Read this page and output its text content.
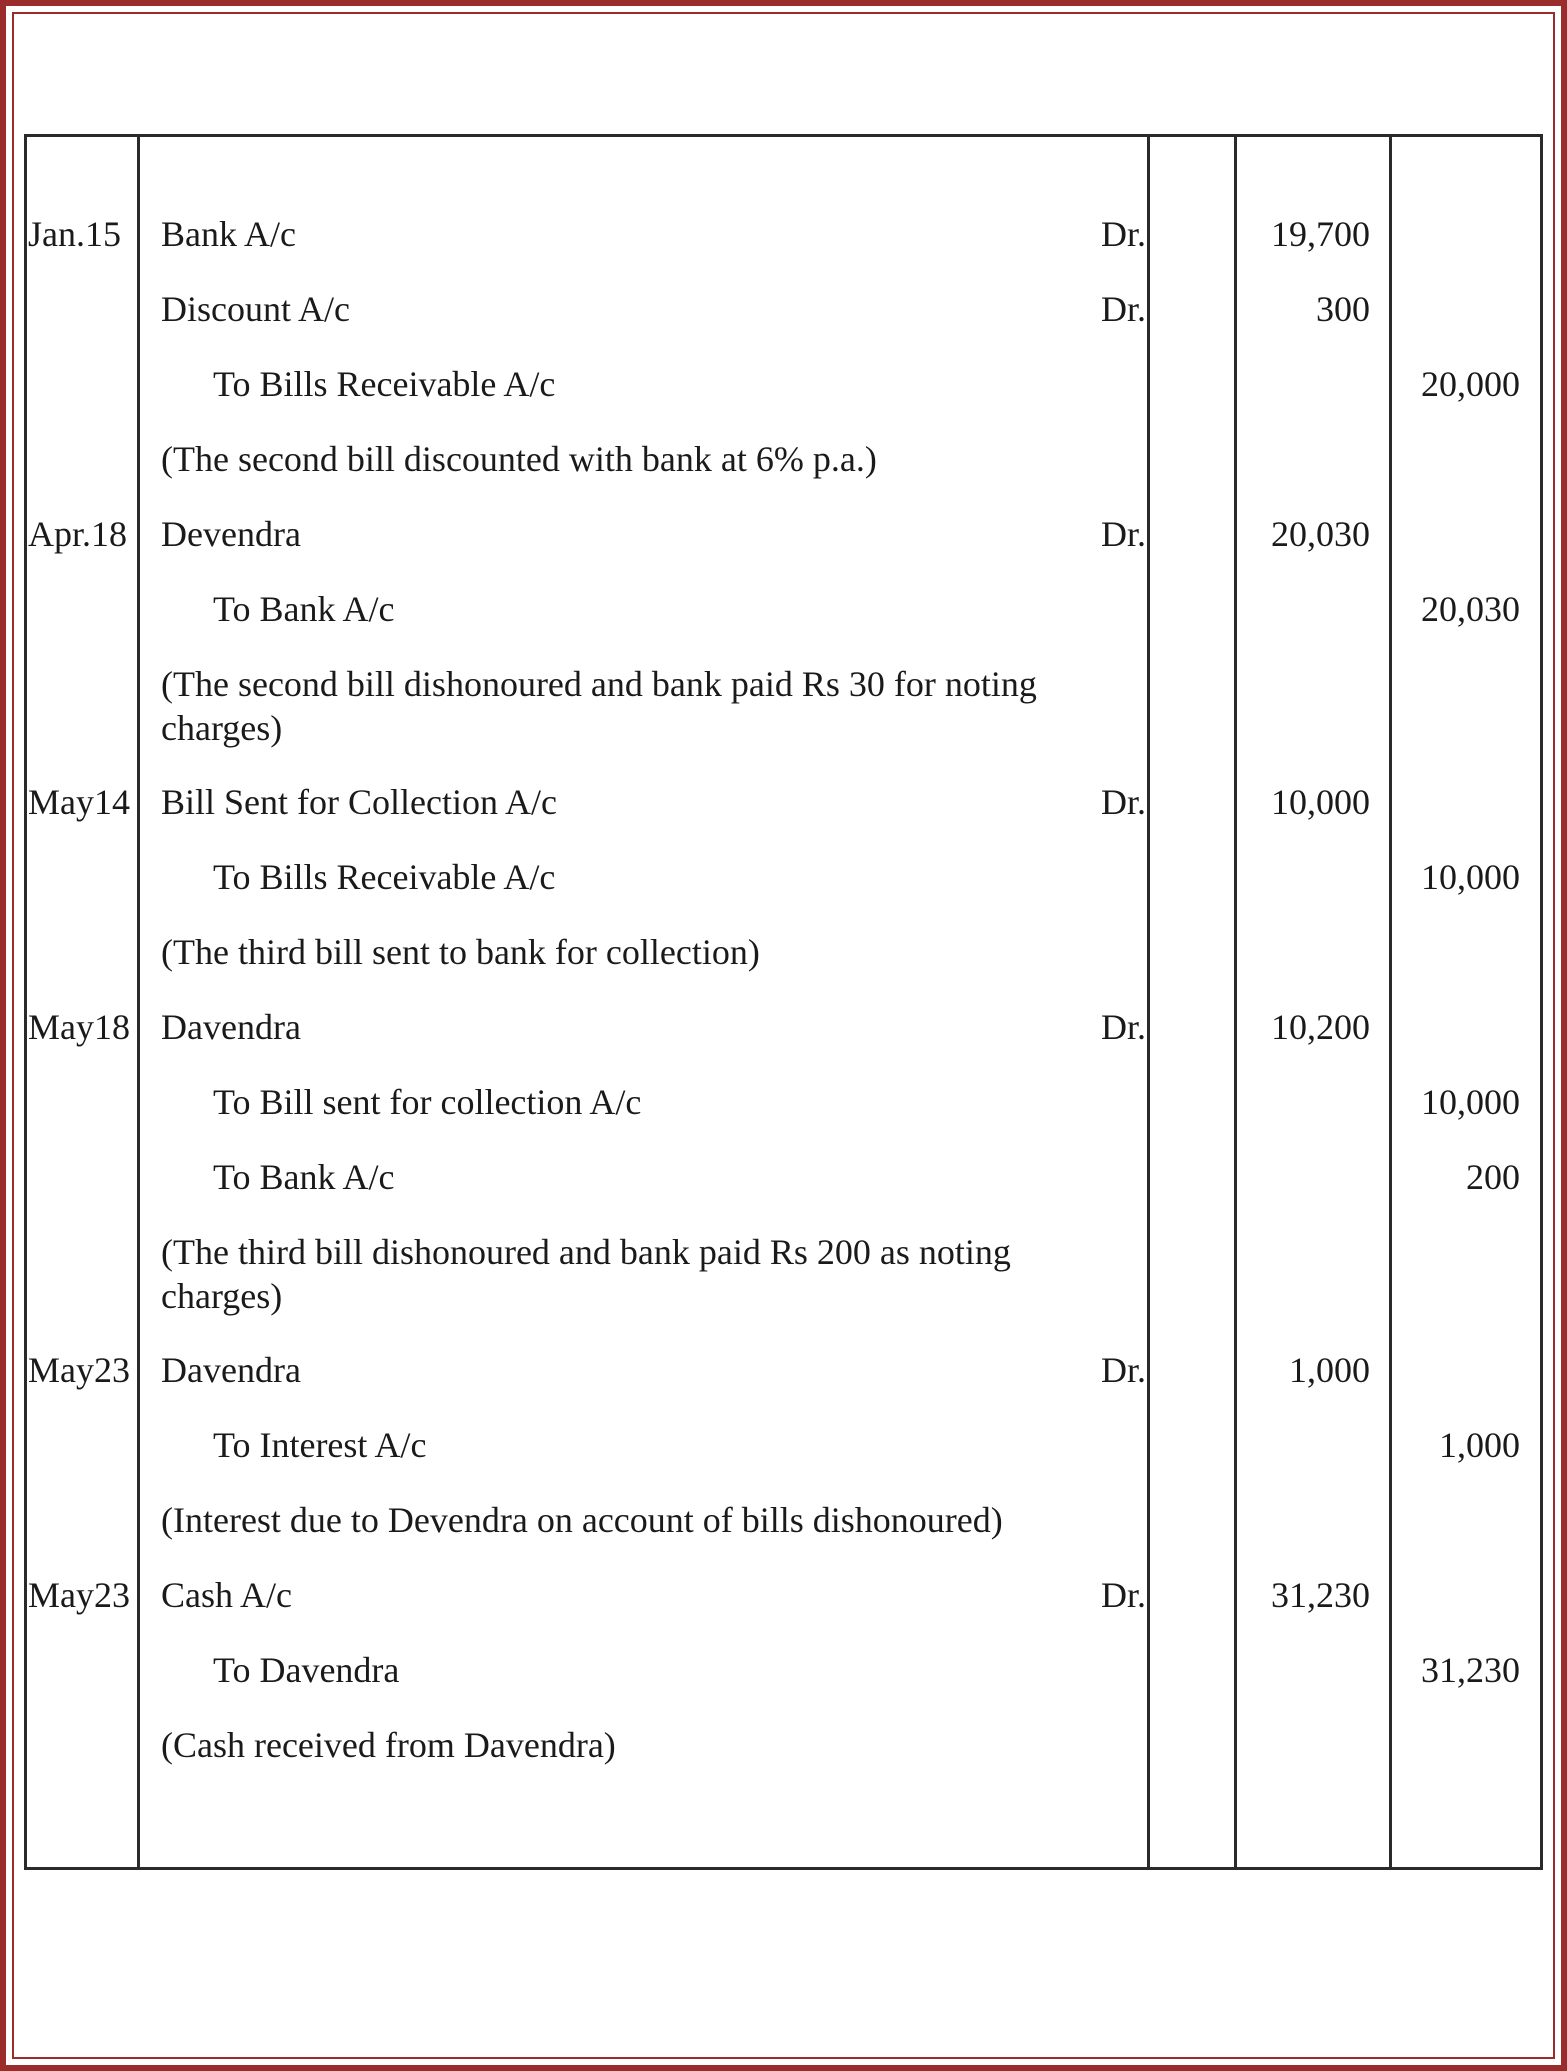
Jan.15 Bank A/c	Dr.	19,700
Discount A/c	Dr.	300
To Bills Receivable A/c	20,000
(The second bill discounted with bank at 6% p.a.)
Apr.18 Devendra	Dr.	20,030
To Bank A/c	20,030
(The second bill dishonoured and bank paid Rs 30 for noting charges)
May14 Bill Sent for Collection A/c	Dr.	10,000
To Bills Receivable A/c	10,000
(The third bill sent to bank for collection)
May18 Davendra	Dr.	10,200
To Bill sent for collection A/c	10,000
To Bank A/c	200
(The third bill dishonoured and bank paid Rs 200 as noting charges)
May23 Davendra	Dr.	1,000
To Interest A/c	1,000
(Interest due to Devendra on account of bills dishonoured)
May23 Cash A/c	Dr.	31,230
To Davendra	31,230
(Cash received from Davendra)
